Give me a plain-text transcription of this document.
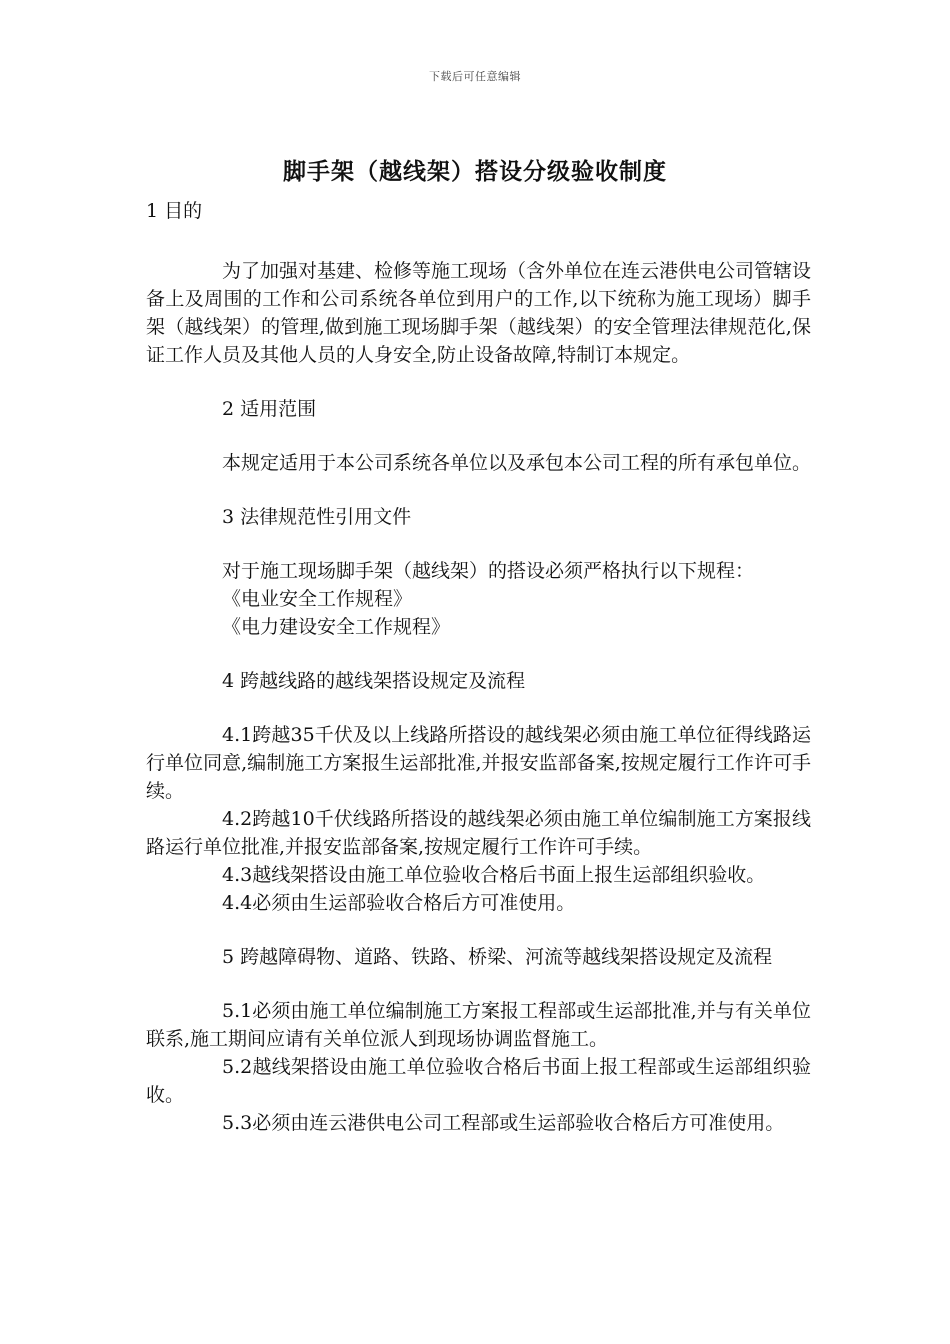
下载后可任意编辑
脚手架（越线架）搭设分级验收制度

1 目的

为了加强对基建、检修等施工现场（含外单位在连云港供电公司管辖设备上及周围的工作和公司系统各单位到用户的工作,以下统称为施工现场）脚手架（越线架）的管理,做到施工现场脚手架（越线架）的安全管理法律规范化,保证工作人员及其他人员的人身安全,防止设备故障,特制订本规定。

2 适用范围

本规定适用于本公司系统各单位以及承包本公司工程的所有承包单位。

3 法律规范性引用文件

对于施工现场脚手架（越线架）的搭设必须严格执行以下规程：

《电业安全工作规程》

《电力建设安全工作规程》

4 跨越线路的越线架搭设规定及流程

4.1跨越35千伏及以上线路所搭设的越线架必须由施工单位征得线路运行单位同意,编制施工方案报生运部批准,并报安监部备案,按规定履行工作许可手续。

4.2跨越10千伏线路所搭设的越线架必须由施工单位编制施工方案报线路运行单位批准,并报安监部备案,按规定履行工作许可手续。

4.3越线架搭设由施工单位验收合格后书面上报生运部组织验收。

4.4必须由生运部验收合格后方可准使用。

5 跨越障碍物、道路、铁路、桥梁、河流等越线架搭设规定及流程

5.1必须由施工单位编制施工方案报工程部或生运部批准,并与有关单位联系,施工期间应请有关单位派人到现场协调监督施工。

5.2越线架搭设由施工单位验收合格后书面上报工程部或生运部组织验收。

5.3必须由连云港供电公司工程部或生运部验收合格后方可准使用。
